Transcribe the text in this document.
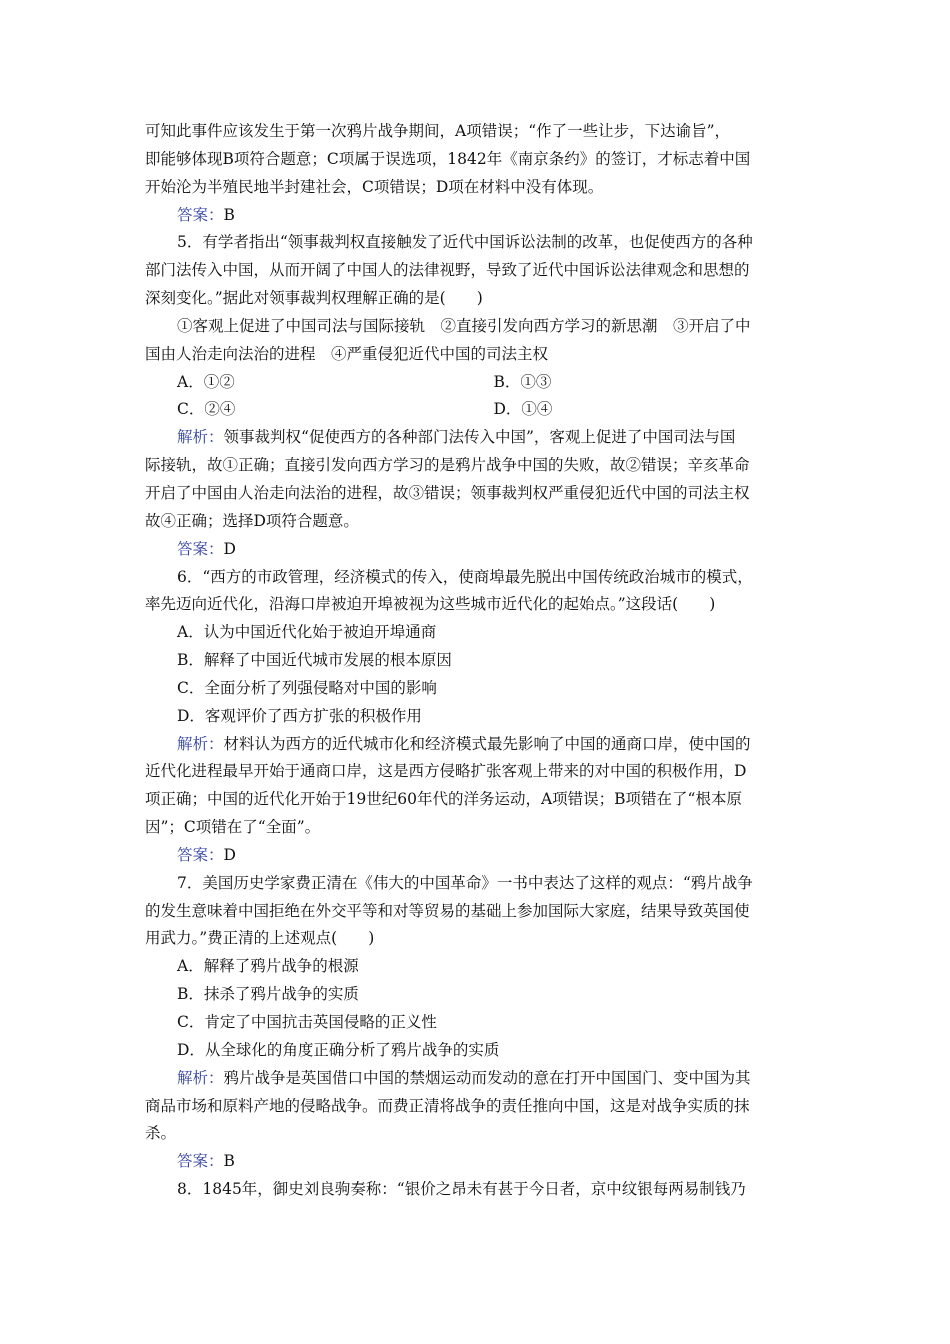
可知此事件应该发生于第一次鸦片战争期间，A项错误；“作了一些让步，下达谕旨”，
即能够体现B项符合题意；C项属于误选项，1842年《南京条约》的签订，才标志着中国
开始沦为半殖民地半封建社会，C项错误；D项在材料中没有体现。
答案：B
5．有学者指出“领事裁判权直接触发了近代中国诉讼法制的改革，也促使西方的各种
部门法传入中国，从而开阔了中国人的法律视野，导致了近代中国诉讼法律观念和思想的
深刻变化。”据此对领事裁判权理解正确的是(　　)
①客观上促进了中国司法与国际接轨　②直接引发向西方学习的新思潮　③开启了中
国由人治走向法治的进程　④严重侵犯近代中国的司法主权
A．①②	B．①③
C．②④	D．①④
解析：领事裁判权“促使西方的各种部门法传入中国”，客观上促进了中国司法与国
际接轨，故①正确；直接引发向西方学习的是鸦片战争中国的失败，故②错误；辛亥革命
开启了中国由人治走向法治的进程，故③错误；领事裁判权严重侵犯近代中国的司法主权
故④正确；选择D项符合题意。
答案：D
6．“西方的市政管理，经济模式的传入，使商埠最先脱出中国传统政治城市的模式，
率先迈向近代化，沿海口岸被迫开埠被视为这些城市近代化的起始点。”这段话(　　)
A．认为中国近代化始于被迫开埠通商
B．解释了中国近代城市发展的根本原因
C．全面分析了列强侵略对中国的影响
D．客观评价了西方扩张的积极作用
解析：材料认为西方的近代城市化和经济模式最先影响了中国的通商口岸，使中国的
近代化进程最早开始于通商口岸，这是西方侵略扩张客观上带来的对中国的积极作用，D
项正确；中国的近代化开始于19世纪60年代的洋务运动，A项错误；B项错在了“根本原
因”；C项错在了“全面”。
答案：D
7．美国历史学家费正清在《伟大的中国革命》一书中表达了这样的观点：“鸦片战争
的发生意味着中国拒绝在外交平等和对等贸易的基础上参加国际大家庭，结果导致英国使
用武力。”费正清的上述观点(　　)
A．解释了鸦片战争的根源
B．抹杀了鸦片战争的实质
C．肯定了中国抗击英国侵略的正义性
D．从全球化的角度正确分析了鸦片战争的实质
解析：鸦片战争是英国借口中国的禁烟运动而发动的意在打开中国国门、变中国为其
商品市场和原料产地的侵略战争。而费正清将战争的责任推向中国，这是对战争实质的抹
杀。
答案：B
8．1845年，御史刘良驹奏称：“银价之昂未有甚于今日者，京中纹银每两易制钱乃
